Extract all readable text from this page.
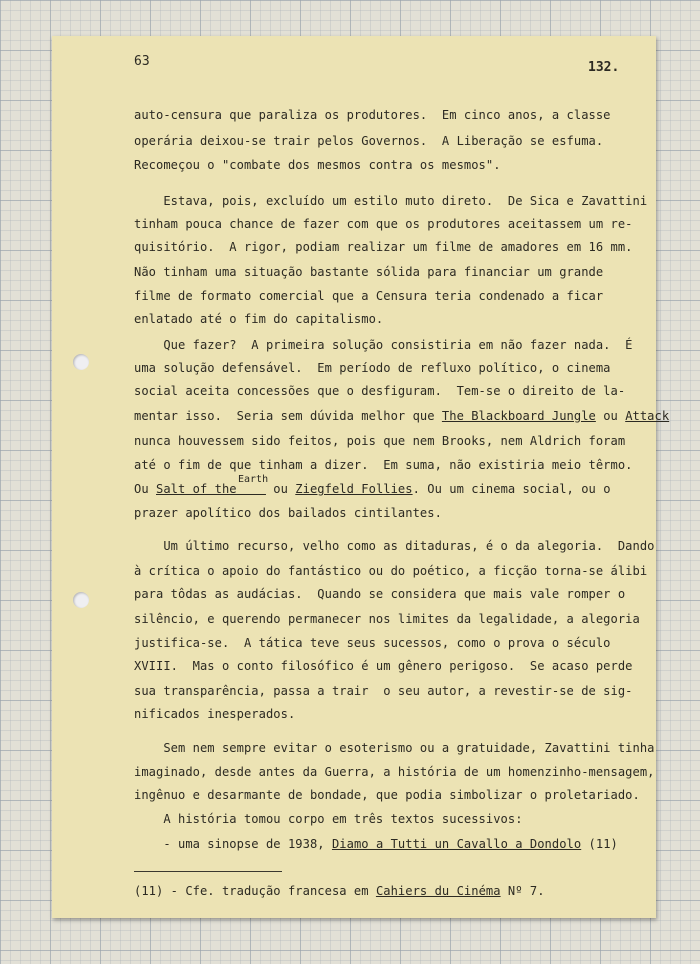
63	132.
auto-censura que paraliza os produtores.  Em cinco anos, a classe
operária deixou-se trair pelos Governos.  A Liberação se esfuma.
Recomeçou o "combate dos mesmos contra os mesmos".
Estava, pois, excluído um estilo muto direto.  De Sica e Zavattini
tinham pouca chance de fazer com que os produtores aceitassem um re-
quisitório.  A rigor, podiam realizar um filme de amadores em 16 mm.
Não tinham uma situação bastante sólida para financiar um grande
filme de formato comercial que a Censura teria condenado a ficar
enlatado até o fim do capitalismo.
Que fazer?  A primeira solução consistiria em não fazer nada.  É
uma solução defensável.  Em período de refluxo político, o cinema
social aceita concessões que o desfiguram.  Tem-se o direito de la-
mentar isso.  Seria sem dúvida melhor que The Blackboard Jungle ou Attack
nunca houvessem sido feitos, pois que nem Brooks, nem Aldrich foram
até o fim de que tinham a dizer.  Em suma, não existiria meio têrmo.
Ou Salt of the     ou Ziegfeld Follies. Ou um cinema social, ou o
prazer apolítico dos bailados cintilantes.
Um último recurso, velho como as ditaduras, é o da alegoria.  Dando
à crítica o apoio do fantástico ou do poético, a ficção torna-se álibi
para tôdas as audácias.  Quando se considera que mais vale romper o
silêncio, e querendo permanecer nos limites da legalidade, a alegoria
justifica-se.  A tática teve seus sucessos, como o prova o século
XVIII.  Mas o conto filosófico é um gênero perigoso.  Se acaso perde
sua transparência, passa a trair  o seu autor, a revestir-se de sig-
nificados inesperados.
Sem nem sempre evitar o esoterismo ou a gratuidade, Zavattini tinha
imaginado, desde antes da Guerra, a história de um homenzinho-mensagem,
ingênuo e desarmante de bondade, que podia simbolizar o proletariado.
A história tomou corpo em três textos sucessivos:
- uma sinopse de 1938, Diamo a Tutti un Cavallo a Dondolo (11)
Earth
(11) - Cfe. tradução francesa em Cahiers du Cinéma Nº 7.
